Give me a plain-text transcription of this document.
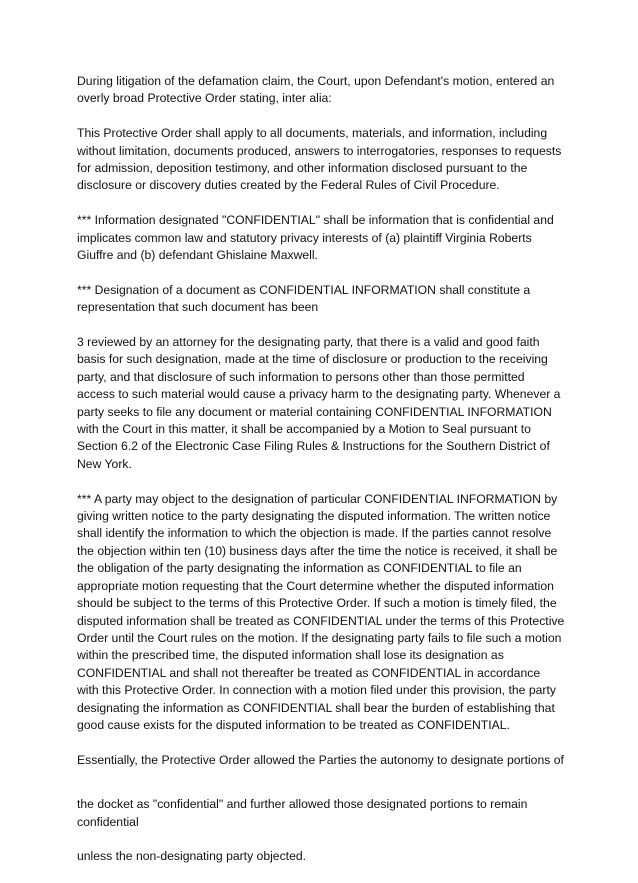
During litigation of the defamation claim, the Court, upon Defendant's motion, entered an overly broad Protective Order stating, inter alia:

This Protective Order shall apply to all documents, materials, and information, including without limitation, documents produced, answers to interrogatories, responses to requests for admission, deposition testimony, and other information disclosed pursuant to the disclosure or discovery duties created by the Federal Rules of Civil Procedure.

*** Information designated "CONFIDENTIAL" shall be information that is confidential and implicates common law and statutory privacy interests of (a) plaintiff Virginia Roberts Giuffre and (b) defendant Ghislaine Maxwell.

*** Designation of a document as CONFIDENTIAL INFORMATION shall constitute a representation that such document has been

3 reviewed by an attorney for the designating party, that there is a valid and good faith basis for such designation, made at the time of disclosure or production to the receiving party, and that disclosure of such information to persons other than those permitted access to such material would cause a privacy harm to the designating party. Whenever a party seeks to file any document or material containing CONFIDENTIAL INFORMATION with the Court in this matter, it shall be accompanied by a Motion to Seal pursuant to Section 6.2 of the Electronic Case Filing Rules & Instructions for the Southern District of New York.

*** A party may object to the designation of particular CONFIDENTIAL INFORMATION by giving written notice to the party designating the disputed information. The written notice shall identify the information to which the objection is made. If the parties cannot resolve the objection within ten (10) business days after the time the notice is received, it shall be the obligation of the party designating the information as CONFIDENTIAL to file an appropriate motion requesting that the Court determine whether the disputed information should be subject to the terms of this Protective Order. If such a motion is timely filed, the disputed information shall be treated as CONFIDENTIAL under the terms of this Protective Order until the Court rules on the motion. If the designating party fails to file such a motion within the prescribed time, the disputed information shall lose its designation as CONFIDENTIAL and shall not thereafter be treated as CONFIDENTIAL in accordance with this Protective Order. In connection with a motion filed under this provision, the party designating the information as CONFIDENTIAL shall bear the burden of establishing that good cause exists for the disputed information to be treated as CONFIDENTIAL.

Essentially, the Protective Order allowed the Parties the autonomy to designate portions of

the docket as "confidential" and further allowed those designated portions to remain confidential

unless the non-designating party objected.
